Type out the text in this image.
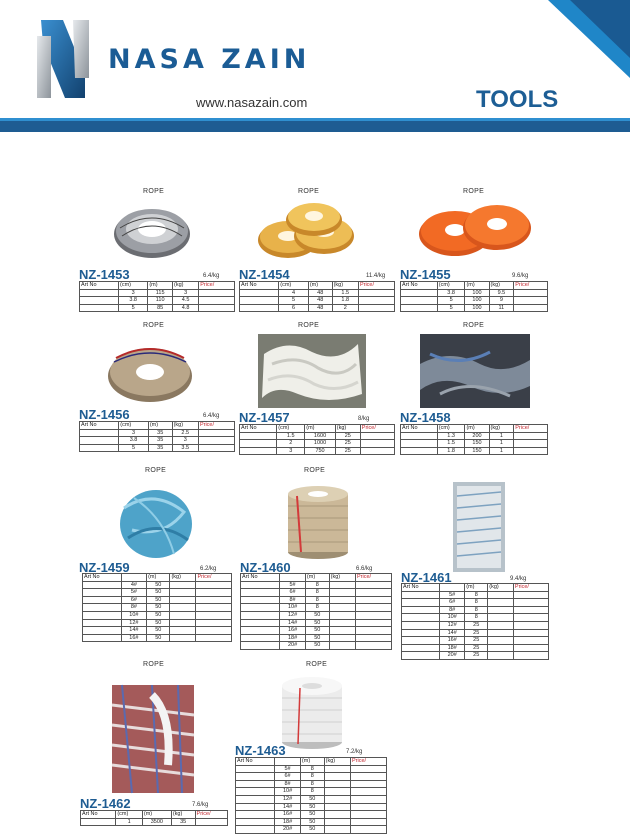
NASA ZAIN
www.nasazain.com	TOOLS
ROPE
NZ-1453	6.4/kg
Art No	(cm)	(m)	(kg)	Price/
	3	115	3	
	3.8	110	4.5	
	5	85	4.8	
ROPE
NZ-1454	11.4/kg
Art No	(cm)	(m)	(kg)	Price/
	4	48	1.5	
	5	48	1.8	
	6	48	2	
ROPE
NZ-1455	9.6/kg
Art No	(cm)	(m)	(kg)	Price/
	3.8	100	9.5	
	5	100	9	
	5	100	11	
ROPE
NZ-1456	6.4/kg
Art No	(cm)	(m)	(kg)	Price/
	3	35	2.5	
	3.8	35	3	
	5	35	3.5	
ROPE
NZ-1457	8/kg
Art No	(cm)	(m)	(kg)	Price/
	1.5	1600	25	
	2	1000	25	
	3	750	25	
ROPE
NZ-1458
Art No	(cm)	(m)	(kg)	Price/
	1.3	200	1	
	1.5	150	1	
	1.8	150	1	
ROPE
NZ-1459	6.2/kg
Art No		(m)	(kg)	Price/
	4#	50		
	5#	50		
	6#	50		
	8#	50		
	10#	50		
	12#	50		
	14#	50		
	16#	50		
ROPE
NZ-1460	6.6/kg
Art No		(m)	(kg)	Price/
	5#	8		
	6#	8		
	8#	8		
	10#	8		
	12#	50		
	14#	50		
	16#	50		
	18#	50		
	20#	50		
NZ-1461	9.4/kg
Art No		(m)	(kg)	Price/
	5#	8		
	6#	8		
	8#	8		
	10#	8		
	12#	25		
	14#	25		
	16#	25		
	18#	25		
	20#	25		
ROPE
NZ-1462	7.6/kg
Art No	(cm)	(m)	(kg)	Price/
	1	3500	35	
ROPE
NZ-1463	7.2/kg
Art No		(m)	(kg)	Price/
	5#	8		
	6#	8		
	8#	8		
	10#	8		
	12#	50		
	14#	50		
	16#	50		
	18#	50		
	20#	50		
